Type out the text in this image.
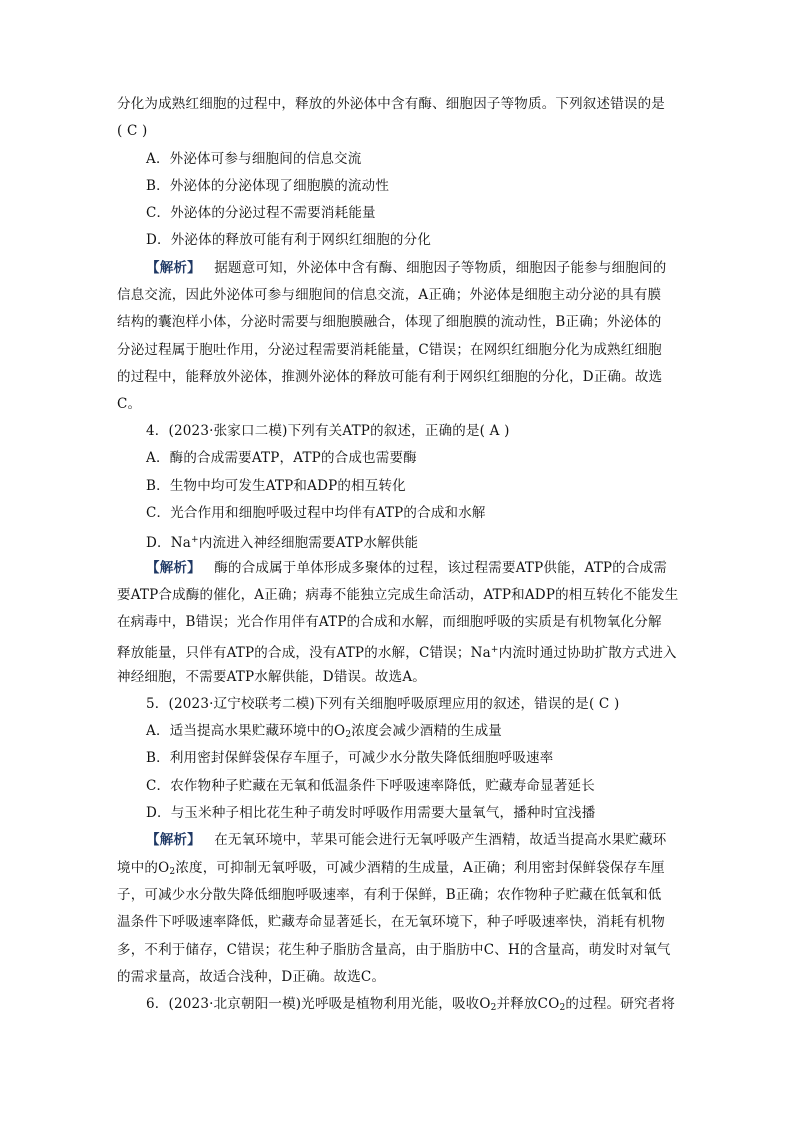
分化为成熟红细胞的过程中，释放的外泌体中含有酶、细胞因子等物质。下列叙述错误的是
( C )
A．外泌体可参与细胞间的信息交流
B．外泌体的分泌体现了细胞膜的流动性
C．外泌体的分泌过程不需要消耗能量
D．外泌体的释放可能有利于网织红细胞的分化
【解析】 据题意可知，外泌体中含有酶、细胞因子等物质，细胞因子能参与细胞间的
信息交流，因此外泌体可参与细胞间的信息交流，A正确；外泌体是细胞主动分泌的具有膜
结构的囊泡样小体，分泌时需要与细胞膜融合，体现了细胞膜的流动性，B正确；外泌体的
分泌过程属于胞吐作用，分泌过程需要消耗能量，C错误；在网织红细胞分化为成熟红细胞
的过程中，能释放外泌体，推测外泌体的释放可能有利于网织红细胞的分化，D正确。故选
C。
4．(2023·张家口二模)下列有关ATP的叙述，正确的是( A )
A．酶的合成需要ATP，ATP的合成也需要酶
B．生物中均可发生ATP和ADP的相互转化
C．光合作用和细胞呼吸过程中均伴有ATP的合成和水解
D．Na+内流进入神经细胞需要ATP水解供能
【解析】 酶的合成属于单体形成多聚体的过程，该过程需要ATP供能，ATP的合成需
要ATP合成酶的催化，A正确；病毒不能独立完成生命活动，ATP和ADP的相互转化不能发生
在病毒中，B错误；光合作用伴有ATP的合成和水解，而细胞呼吸的实质是有机物氧化分解
释放能量，只伴有ATP的合成，没有ATP的水解，C错误；Na+内流时通过协助扩散方式进入
神经细胞，不需要ATP水解供能，D错误。故选A。
5．(2023·辽宁校联考二模)下列有关细胞呼吸原理应用的叙述，错误的是( C )
A．适当提高水果贮藏环境中的$O_2$浓度会减少酒精的生成量
B．利用密封保鲜袋保存车厘子，可减少水分散失降低细胞呼吸速率
C．农作物种子贮藏在无氧和低温条件下呼吸速率降低，贮藏寿命显著延长
D．与玉米种子相比花生种子萌发时呼吸作用需要大量氧气，播种时宜浅播
【解析】 在无氧环境中，苹果可能会进行无氧呼吸产生酒精，故适当提高水果贮藏环
境中的$O_2$浓度，可抑制无氧呼吸，可减少酒精的生成量，A正确；利用密封保鲜袋保存车厘
子，可减少水分散失降低细胞呼吸速率，有利于保鲜，B正确；农作物种子贮藏在低氧和低
温条件下呼吸速率降低，贮藏寿命显著延长，在无氧环境下，种子呼吸速率快，消耗有机物
多，不利于储存，C错误；花生种子脂肪含量高，由于脂肪中C、H的含量高，萌发时对氧气
的需求量高，故适合浅种，D正确。故选C。
6．(2023·北京朝阳一模)光呼吸是植物利用光能，吸收$O_2$并释放$CO_2$的过程。研究者将
